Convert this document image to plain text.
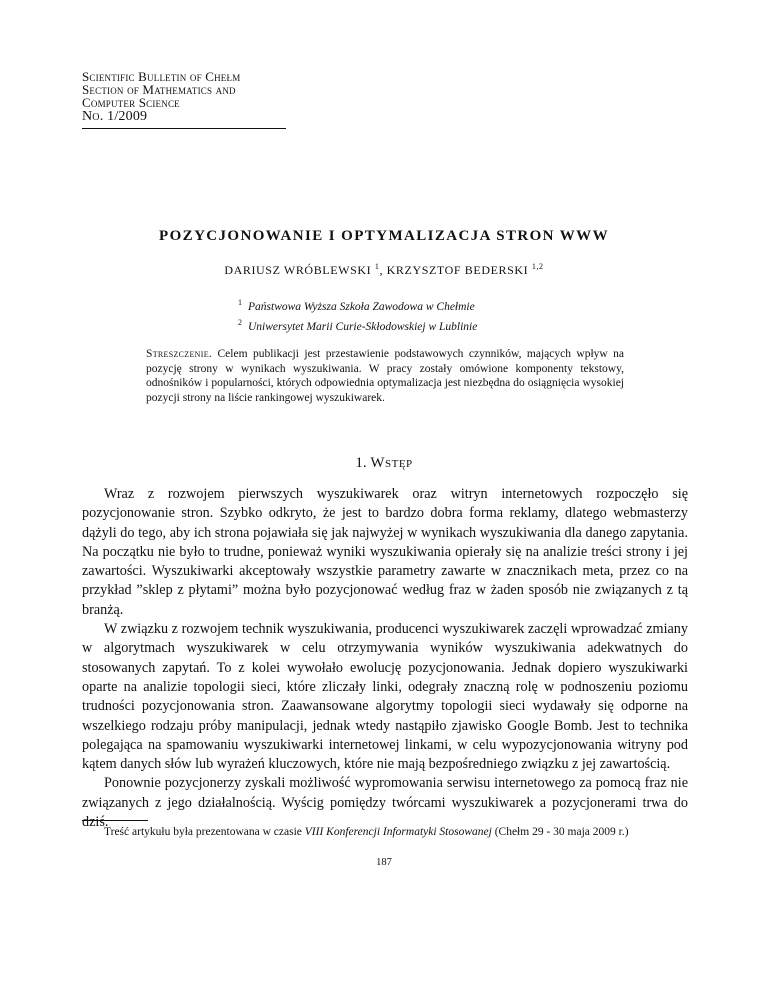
Scientific Bulletin of Chełm
Section of Mathematics and
Computer Science
No. 1/2009
POZYCJONOWANIE I OPTYMALIZACJA STRON WWW
DARIUSZ WRÓBLEWSKI $^1$, KRZYSZTOF BEDERSKI $^{1,2}$
$^1$ Państwowa Wyższa Szkoła Zawodowa w Chełmie
$^2$ Uniwersytet Marii Curie-Skłodowskiej w Lublinie
Streszczenie. Celem publikacji jest przestawienie podstawowych czynników, mających wpływ na pozycję strony w wynikach wyszukiwania. W pracy zostały omówione komponenty tekstowy, odnośników i popularności, których odpowiednia optymalizacja jest niezbędna do osiągnięcia wysokiej pozycji strony na liście rankingowej wyszukiwarek.
1. Wstęp

Wraz z rozwojem pierwszych wyszukiwarek oraz witryn internetowych rozpoczęło się pozycjonowanie stron. Szybko odkryto, że jest to bardzo dobra forma reklamy, dlatego webmasterzy dążyli do tego, aby ich strona pojawiała się jak najwyżej w wynikach wyszukiwania dla danego zapytania. Na początku nie było to trudne, ponieważ wyniki wyszukiwania opierały się na analizie treści strony i jej zawartości. Wyszukiwarki akceptowały wszystkie parametry zawarte w znacznikach meta, przez co na przykład ”sklep z płytami” można było pozycjonować według fraz w żaden sposób nie związanych z tą branżą.

W związku z rozwojem technik wyszukiwania, producenci wyszukiwarek zaczęli wprowadzać zmiany w algorytmach wyszukiwarek w celu otrzymywania wyników wyszukiwania adekwatnych do stosowanych zapytań. To z kolei wywołało ewolucję pozycjonowania. Jednak dopiero wyszukiwarki oparte na analizie topologii sieci, które zliczały linki, odegrały znaczną rolę w podnoszeniu poziomu trudności pozycjonowania stron. Zaawansowane algorytmy topologii sieci wydawały się odporne na wszelkiego rodzaju próby manipulacji, jednak wtedy nastąpiło zjawisko Google Bomb. Jest to technika polegająca na spamowaniu wyszukiwarki internetowej linkami, w celu wypozycjonowania witryny pod kątem danych słów lub wyrażeń kluczowych, które nie mają bezpośredniego związku z jej zawartością.

Ponownie pozycjonerzy zyskali możliwość wypromowania serwisu internetowego za pomocą fraz nie związanych z jego działalnością. Wyścig pomiędzy twórcami wyszukiwarek a pozycjonerami trwa do dziś.

Treść artykułu była prezentowana w czasie VIII Konferencji Informatyki Stosowanej (Chełm 29 - 30 maja 2009 r.)
187
